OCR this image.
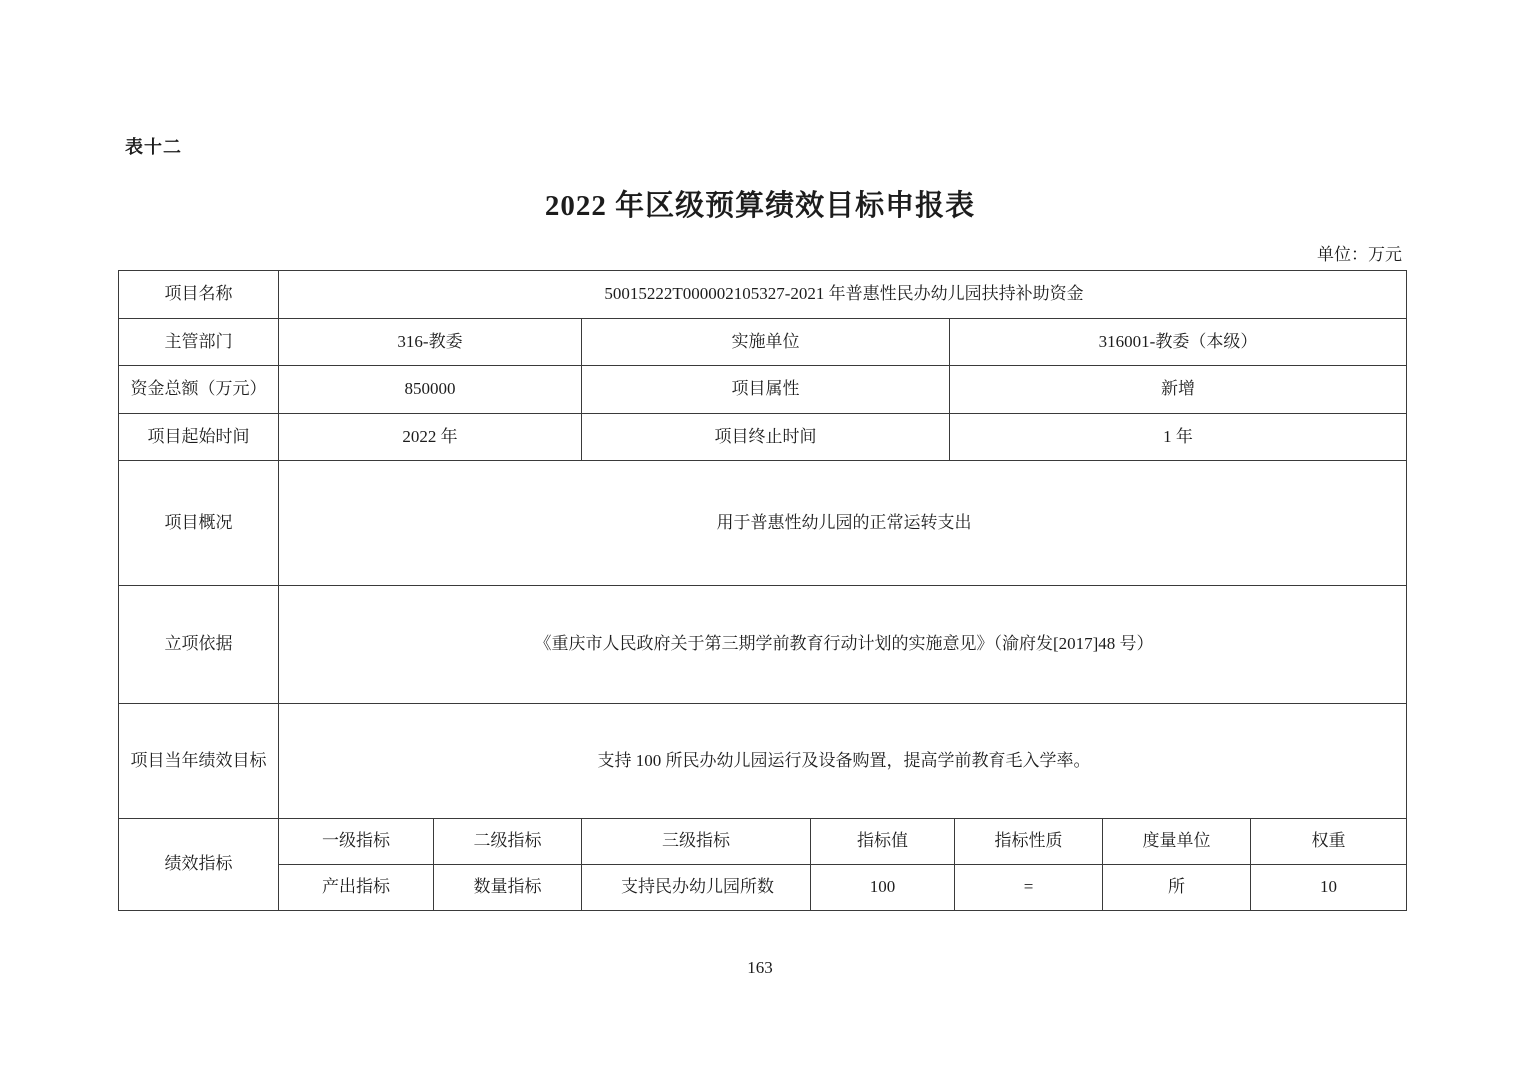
表十二
2022 年区级预算绩效目标申报表
单位：万元
项目名称	50015222T000002105327-2021 年普惠性民办幼儿园扶持补助资金		
主管部门	316-教委	实施单位	316001-教委（本级）
资金总额（万元）	850000	项目属性	新增
项目起始时间	2022 年	项目终止时间	1 年
项目概况	用于普惠性幼儿园的正常运转支出		
立项依据	《重庆市人民政府关于第三期学前教育行动计划的实施意见》（渝府发[2017]48 号）		
项目当年绩效目标	支持 100 所民办幼儿园运行及设备购置，提高学前教育毛入学率。		
绩效指标	一级指标	二级指标	三级指标	指标值	指标性质	度量单位	权重
	产出指标	数量指标	支持民办幼儿园所数	100	=	所	10
163
